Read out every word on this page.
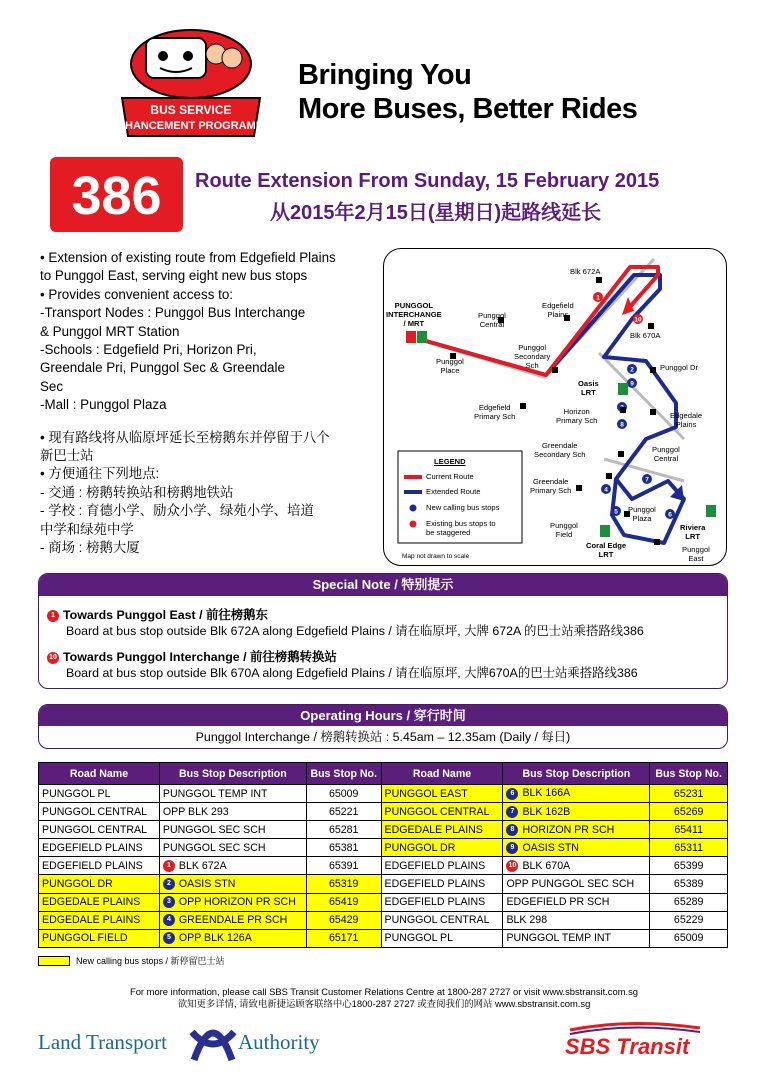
BUS SERVICE
ENHANCEMENT PROGRAMME
Bringing You
More Buses, Better Rides
386	Route Extension From Sunday, 15 February 2015
从2015年2月15日(星期日)起路线延长
• Extension of existing route from Edgefield Plains
to Punggol East, serving eight new bus stops
• Provides convenient access to:
-Transport Nodes : Punggol Bus Interchange
& Punggol MRT Station
-Schools : Edgefield Pri, Horizon Pri,
Greendale Pri, Punggol Sec & Greendale
Sec
-Mall : Punggol Plaza
• 现有路线将从临原坪延长至榜鹅东并停留于八个
新巴士站
• 方便通往下列地点:
- 交通 : 榜鹅转换站和榜鹅地铁站
- 学校 : 育德小学、励众小学、绿苑小学、培道
中学和绿苑中学
- 商场 : 榜鹅大厦
1
2
4
5	6
7
8
9
10
Blk 672A
PUNGGOL
INTERCHANGE
/ MRT
Punggol
Central
Edgefield
Plains
Blk 670A
Punggol
Place
Punggol
Secondary
Sch	Punggol Dr
Oasis
LRT
Edgefield
Primary Sch
Horizon
Primary Sch
Edgedale
Plains
Greendale
Secondary Sch
Punggol
Central
Greendale
Primary Sch
Punggol
Plaza
Riviera
LRT
Punggol
Field
Coral Edge
LRT
Punggol
East
Map not drawn to scale
LEGEND
Current Route
Extended Route
New calling bus stops
Existing bus stops to
be staggered
Special Note / 特别提示
1 Towards Punggol East / 前往榜鹅东
Board at bus stop outside Blk 672A along Edgefield Plains / 请在临原坪, 大牌 672A 的巴士站乘搭路线386
10 Towards Punggol Interchange / 前往榜鹅转换站
Board at bus stop outside Blk 670A along Edgefield Plains / 请在临原坪, 大牌670A的巴士站乘搭路线386
Operating Hours / 穿行时间
Punggol Interchange / 榜鹅转换站 : 5.45am – 12.35am (Daily / 每日)
Road Name	Bus Stop Description	Bus Stop No.	Road Name	Bus Stop Description	Bus Stop No.
PUNGGOL PL	PUNGGOL TEMP INT	65009	PUNGGOL EAST	6 BLK 166A	65231
PUNGGOL CENTRAL	OPP BLK 293	65221	PUNGGOL CENTRAL	7 BLK 162B	65269
PUNGGOL CENTRAL	PUNGGOL SEC SCH	65281	EDGEDALE PLAINS	8 HORIZON PR SCH	65411
EDGEFIELD PLAINS	PUNGGOL SEC SCH	65381	PUNGGOL DR	9 OASIS STN	65311
EDGEFIELD PLAINS	1 BLK 672A	65391	EDGEFIELD PLAINS	10 BLK 670A	65399
PUNGGOL DR	2 OASIS STN	65319	EDGEFIELD PLAINS	OPP PUNGGOL SEC SCH	65389
EDGEDALE PLAINS	3 OPP HORIZON PR SCH	65419	EDGEFIELD PLAINS	EDGEFIELD PR SCH	65289
EDGEDALE PLAINS	4 GREENDALE PR SCH	65429	PUNGGOL CENTRAL	BLK 298	65229
PUNGGOL FIELD	5 OPP BLK 126A	65171	PUNGGOL PL	PUNGGOL TEMP INT	65009
New calling bus stops / 新停留巴士站
For more information, please call SBS Transit Customer Relations Centre at 1800-287 2727 or visit www.sbstransit.com.sg
欲知更多详情, 请致电新捷运顾客联络中心1800-287 2727 或查阅我们的网站 www.sbstransit.com.sg
Land Transport	Authority	SBS Transit
